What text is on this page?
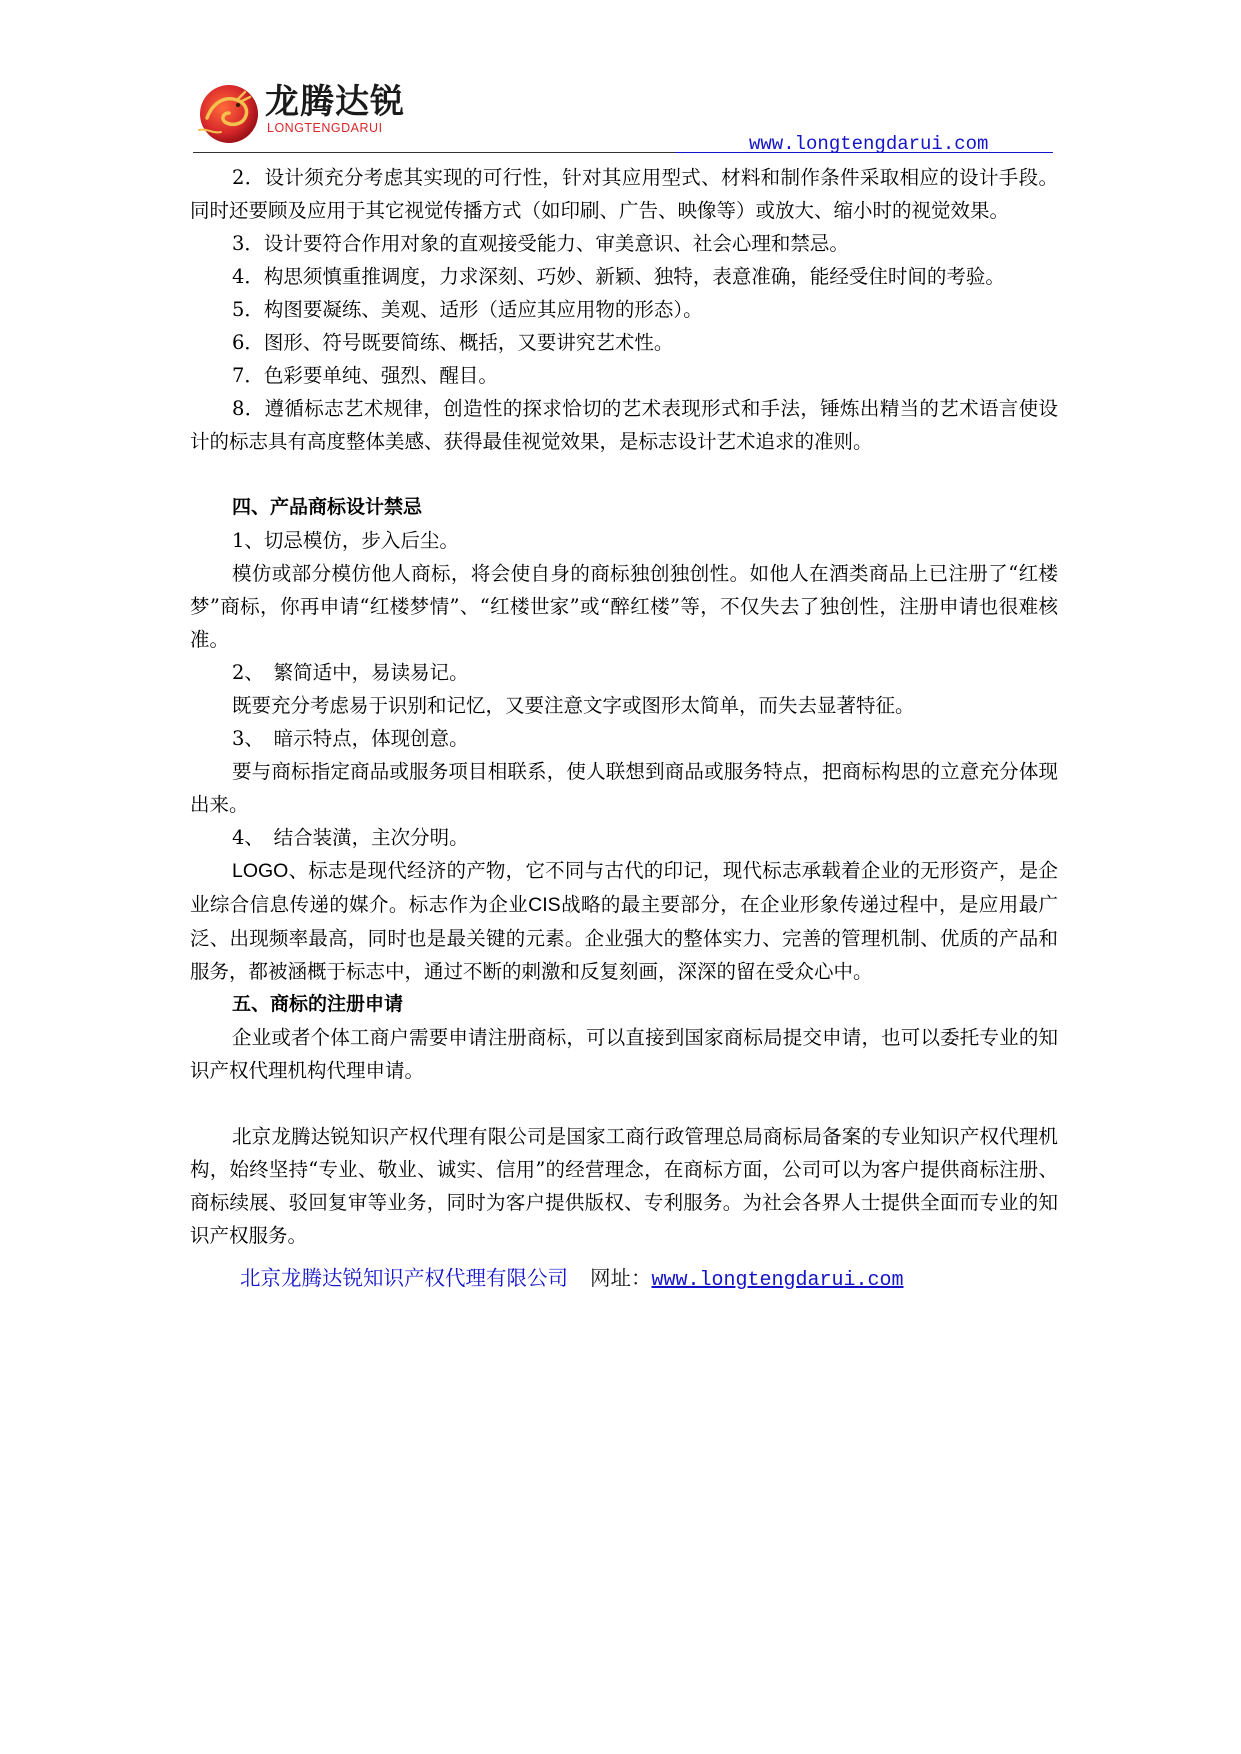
龙腾达锐
LONGTENGDARUI
www.longtengdarui.com

2．设计须充分考虑其实现的可行性，针对其应用型式、材料和制作条件采取相应的设计手段。同时还要顾及应用于其它视觉传播方式（如印刷、广告、映像等）或放大、缩小时的视觉效果。

3．设计要符合作用对象的直观接受能力、审美意识、社会心理和禁忌。

4．构思须慎重推调度，力求深刻、巧妙、新颖、独特，表意准确，能经受住时间的考验。

5．构图要凝练、美观、适形（适应其应用物的形态）。

6．图形、符号既要简练、概括，又要讲究艺术性。

7．色彩要单纯、强烈、醒目。

8．遵循标志艺术规律，创造性的探求恰切的艺术表现形式和手法，锤炼出精当的艺术语言使设计的标志具有高度整体美感、获得最佳视觉效果，是标志设计艺术追求的准则。

四、产品商标设计禁忌

1、切忌模仿，步入后尘。

模仿或部分模仿他人商标，将会使自身的商标独创独创性。如他人在酒类商品上已注册了“红楼梦”商标，你再申请“红楼梦情”、“红楼世家”或“醉红楼”等，不仅失去了独创性，注册申请也很难核准。

2、　繁简适中，易读易记。

既要充分考虑易于识别和记忆，又要注意文字或图形太简单，而失去显著特征。

3、　暗示特点，体现创意。

要与商标指定商品或服务项目相联系，使人联想到商品或服务特点，把商标构思的立意充分体现出来。

4、　结合装潢，主次分明。

LOGO、标志是现代经济的产物，它不同与古代的印记，现代标志承载着企业的无形资产，是企业综合信息传递的媒介。标志作为企业CIS战略的最主要部分，在企业形象传递过程中，是应用最广泛、出现频率最高，同时也是最关键的元素。企业强大的整体实力、完善的管理机制、优质的产品和服务，都被涵概于标志中，通过不断的刺激和反复刻画，深深的留在受众心中。

五、商标的注册申请

企业或者个体工商户需要申请注册商标，可以直接到国家商标局提交申请，也可以委托专业的知识产权代理机构代理申请。

北京龙腾达锐知识产权代理有限公司是国家工商行政管理总局商标局备案的专业知识产权代理机构，始终坚持“专业、敬业、诚实、信用”的经营理念，在商标方面，公司可以为客户提供商标注册、商标续展、驳回复审等业务，同时为客户提供版权、专利服务。为社会各界人士提供全面而专业的知识产权服务。

北京龙腾达锐知识产权代理有限公司 网址：www.longtengdarui.com
